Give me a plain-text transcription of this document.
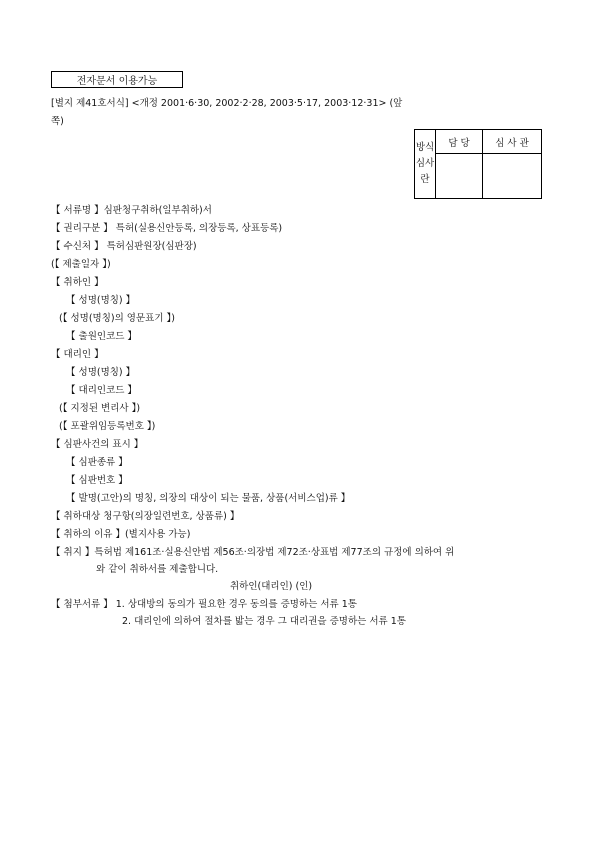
전자문서 이용가능
[별지 제41호서식] <개정 2001·6·30, 2002·2·28, 2003·5·17, 2003·12·31> (앞
쪽)
방식심사란	담 당	심 사 관

【 서류명 】심판청구취하(일부취하)서
【 권리구분 】 특허(실용신안등록, 의장등록, 상표등록)
【 수신처 】 특허심판원장(심판장)
(【 제출일자 】)
【 취하인 】
【 성명(명칭) 】
(【 성명(명칭)의 영문표기 】)
【 출원인코드 】
【 대리인 】
【 성명(명칭) 】
【 대리인코드 】
(【 지정된 변리사 】)
(【 포괄위임등록번호 】)
【 심판사건의 표시 】
【 심판종류 】
【 심판번호 】
【 발명(고안)의 명칭, 의장의 대상이 되는 물품, 상품(서비스업)류 】
【 취하대상 청구항(의장일련번호, 상품류) 】
【 취하의 이유 】(별지사용 가능)
【 취지 】특허법 제161조·실용신안법 제56조·의장법 제72조·상표법 제77조의 규정에 의하여 위
와 같이 취하서를 제출합니다.
취하인(대리인) (인)
【 첨부서류 】 1. 상대방의 동의가 필요한 경우 동의를 증명하는 서류 1통
2. 대리인에 의하여 절차를 밟는 경우 그 대리권을 증명하는 서류 1통
